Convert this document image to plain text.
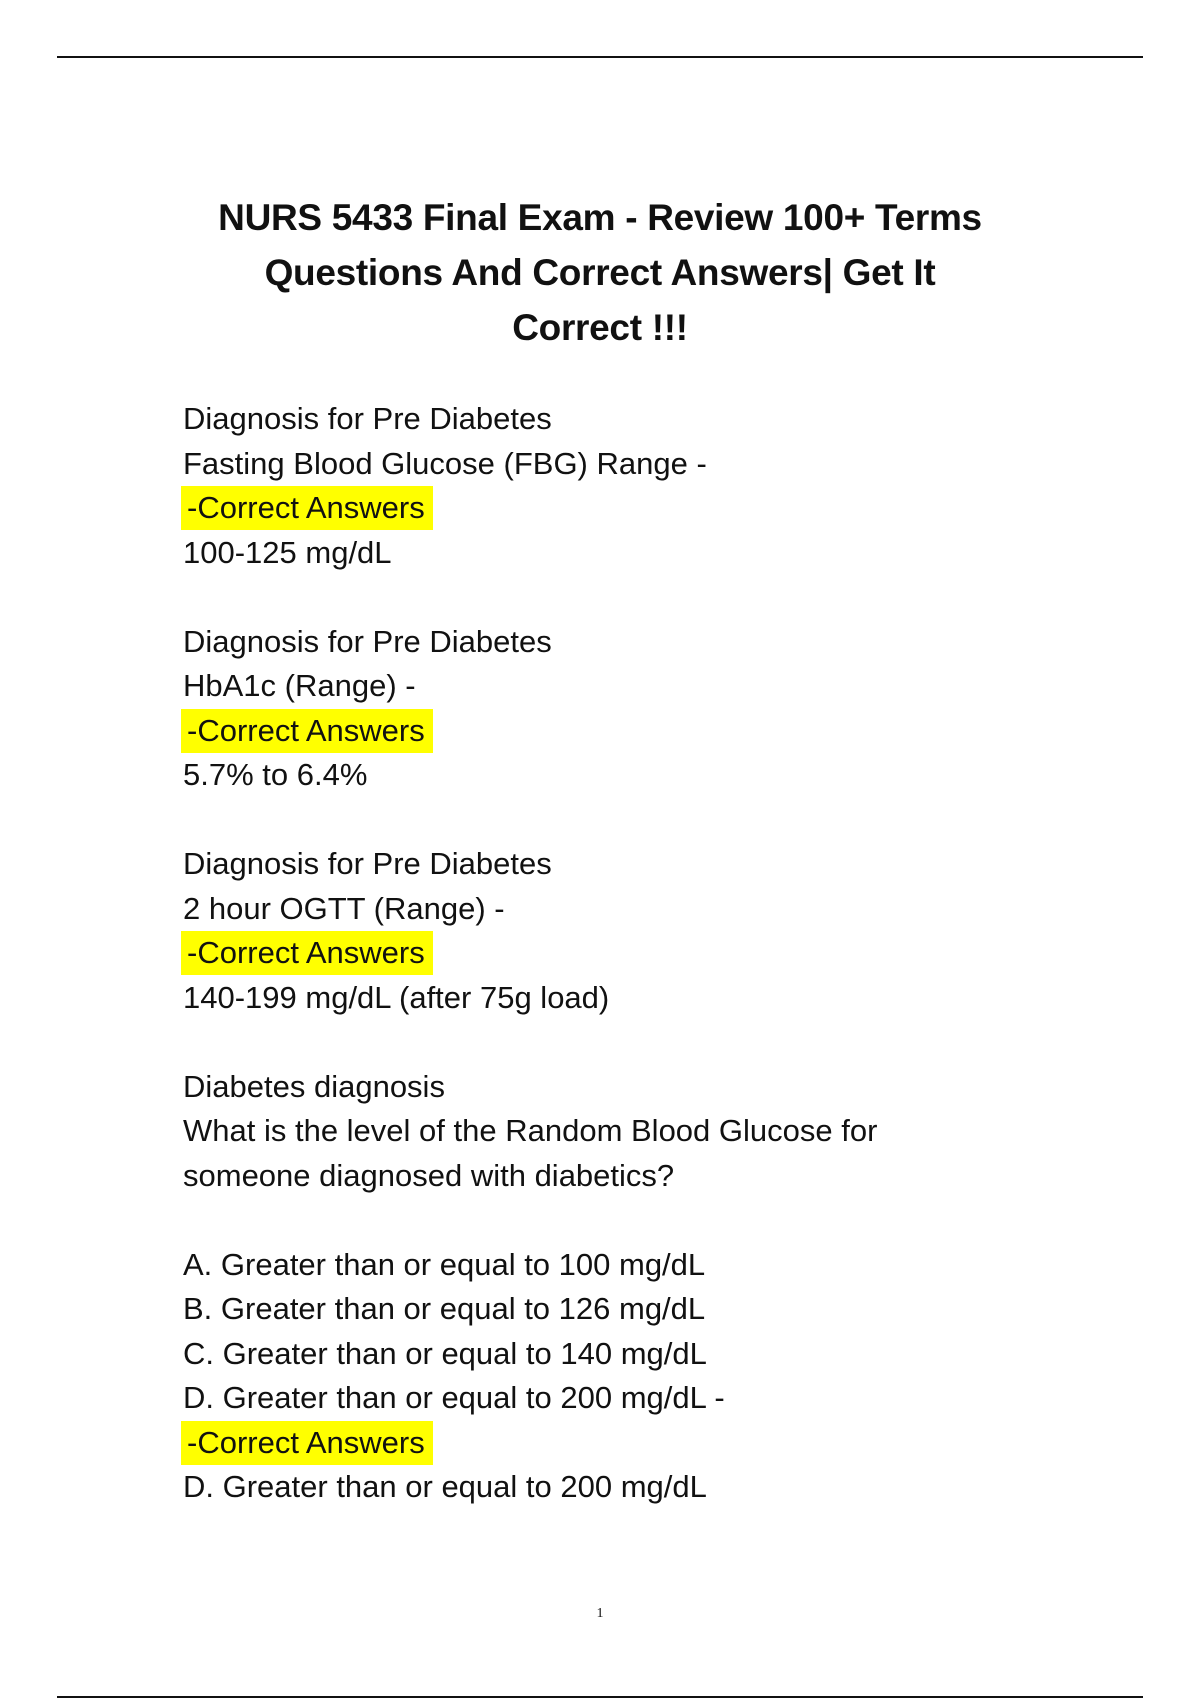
NURS 5433 Final Exam - Review 100+ Terms
Questions And Correct Answers| Get It
Correct !!!
Diagnosis for Pre Diabetes
Fasting Blood Glucose (FBG) Range -
-Correct Answers
100-125 mg/dL
Diagnosis for Pre Diabetes
HbA1c (Range) -
-Correct Answers
5.7% to 6.4%
Diagnosis for Pre Diabetes
2 hour OGTT (Range) -
-Correct Answers
140-199 mg/dL (after 75g load)
Diabetes diagnosis
What is the level of the Random Blood Glucose for
someone diagnosed with diabetics?
A. Greater than or equal to 100 mg/dL
B. Greater than or equal to 126 mg/dL
C. Greater than or equal to 140 mg/dL
D. Greater than or equal to 200 mg/dL -
-Correct Answers
D. Greater than or equal to 200 mg/dL
1
